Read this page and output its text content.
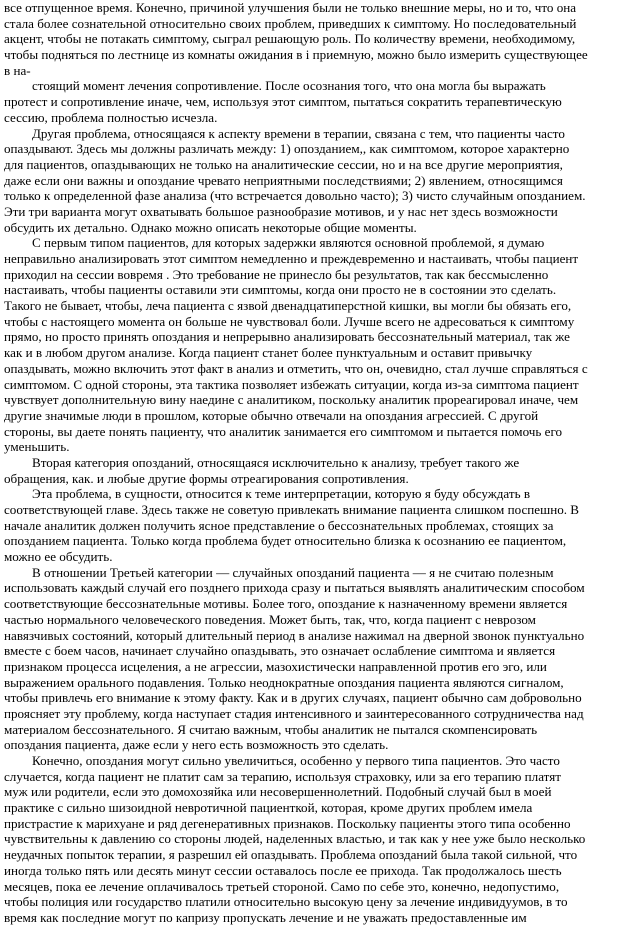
все отпущенное время. Конечно, причиной улучшения были не только внешние меры, но и то, что она
стала более сознательной относительно своих проблем, приведших к симптому. Но последовательный
акцент, чтобы не потакать симптому, сыграл решающую роль. По количеству времени, необходимому,
чтобы подняться по лестнице из комнаты ожидания в і приемную, можно было измерить существующее
в на-
стоящий момент лечения сопротивление. После осознания того, что она могла бы выражать
протест и сопротивление иначе, чем, используя этот симптом, пытаться сократить терапевтическую
сессию, проблема полностью исчезла.
Другая проблема, относящаяся к аспекту времени в терапии, связана с тем, что пациенты часто
опаздывают. Здесь мы должны различать между: 1) опозданием,, как симптомом, которое характерно
для пациентов, опаздывающих не только на аналитические сессии, но и на все другие мероприятия,
даже если они важны и опоздание чревато неприятными последствиями; 2) явлением, относящимся
только к определенной фазе анализа (что встречается довольно часто); 3) чисто случайным опозданием.
Эти три варианта могут охватывать большое разнообразие мотивов, и у нас нет здесь возможности
обсудить их детально. Однако можно описать некоторые общие моменты.
С первым типом пациентов, для которых задержки являются основной проблемой, я думаю
неправильно анализировать этот симптом немедленно и преждевременно и настаивать, чтобы пациент
приходил на сессии вовремя . Это требование не принесло бы результатов, так как бессмысленно
настаивать, чтобы пациенты оставили эти симптомы, когда они просто не в состоянии это сделать.
Такого не бывает, чтобы, леча пациента с язвой двенадцатиперстной кишки, вы могли бы обязать его,
чтобы с настоящего момента он больше не чувствовал боли. Лучше всего не адресоваться к симптому
прямо, но просто принять опоздания и непрерывно анализировать бессознательный материал, так же
как и в любом другом анализе. Когда пациент станет более пунктуальным и оставит привычку
опаздывать, можно включить этот факт в анализ и отметить, что он, очевидно, стал лучше справляться с
симптомом. С одной стороны, эта тактика позволяет избежать ситуации, когда из-за симптома пациент
чувствует дополнительную вину наедине с аналитиком, поскольку аналитик прореагировал иначе, чем
другие значимые люди в прошлом, которые обычно отвечали на опоздания агрессией. С другой
стороны, вы даете понять пациенту, что аналитик занимается его симптомом и пытается помочь его
уменьшить.
Вторая категория опозданий, относящаяся исключительно к анализу, требует такого же
обращения, как. и любые другие формы отреагирования сопротивления.
Эта проблема, в сущности, относится к теме интерпретации, которую я буду обсуждать в
соответствующей главе. Здесь также не советую привлекать внимание пациента слишком поспешно. В
начале аналитик должен получить ясное представление о бессознательных проблемах, стоящих за
опозданием пациента. Только когда проблема будет относительно близка к осознанию ее пациентом,
можно ее обсудить.
В отношении Третьей категории — случайных опозданий пациента — я не считаю полезным
использовать каждый случай его позднего прихода сразу и пытаться выявлять аналитическим способом
соответствующие бессознательные мотивы. Более того, опоздание к назначенному времени является
частью нормального человеческого поведения. Может быть, так, что, когда пациент с неврозом
навязчивых состояний, который длительный период в анализе нажимал на дверной звонок пунктуально
вместе с боем часов, начинает случайно опаздывать, это означает ослабление симптома и является
признаком процесса исцеления, а не агрессии, мазохистически направленной против его эго, или
выражением орального подавления. Только неоднократные опоздания пациента являются сигналом,
чтобы привлечь его внимание к этому факту. Как и в других случаях, пациент обычно сам добровольно
проясняет эту проблему, когда наступает стадия интенсивного и заинтересованного сотрудничества над
материалом бессознательного. Я считаю важным, чтобы аналитик не пытался скомпенсировать
опоздания пациента, даже если у него есть возможность это сделать.
Конечно, опоздания могут сильно увеличиться, особенно у первого типа пациентов. Это часто
случается, когда пациент не платит сам за терапию, используя страховку, или за его терапию платят
муж или родители, если это домохозяйка или несовершеннолетний. Подобный случай был в моей
практике с сильно шизоидной невротичной пациенткой, которая, кроме других проблем имела
пристрастие к марихуане и ряд дегенеративных признаков. Поскольку пациенты этого типа особенно
чувствительны к давлению со стороны людей, наделенных властью, и так как у нее уже было несколько
неудачных попыток терапии, я разрешил ей опаздывать. Проблема опозданий была такой сильной, что
иногда только пять или десять минут сессии оставалось после ее прихода. Так продолжалось шесть
месяцев, пока ее лечение оплачивалось третьей стороной. Само по себе это, конечно, недопустимо,
чтобы полиция или государство платили относительно высокую цену за лечение индивидуумов, в то
время как последние могут по капризу пропускать лечение и не уважать предоставленные им
